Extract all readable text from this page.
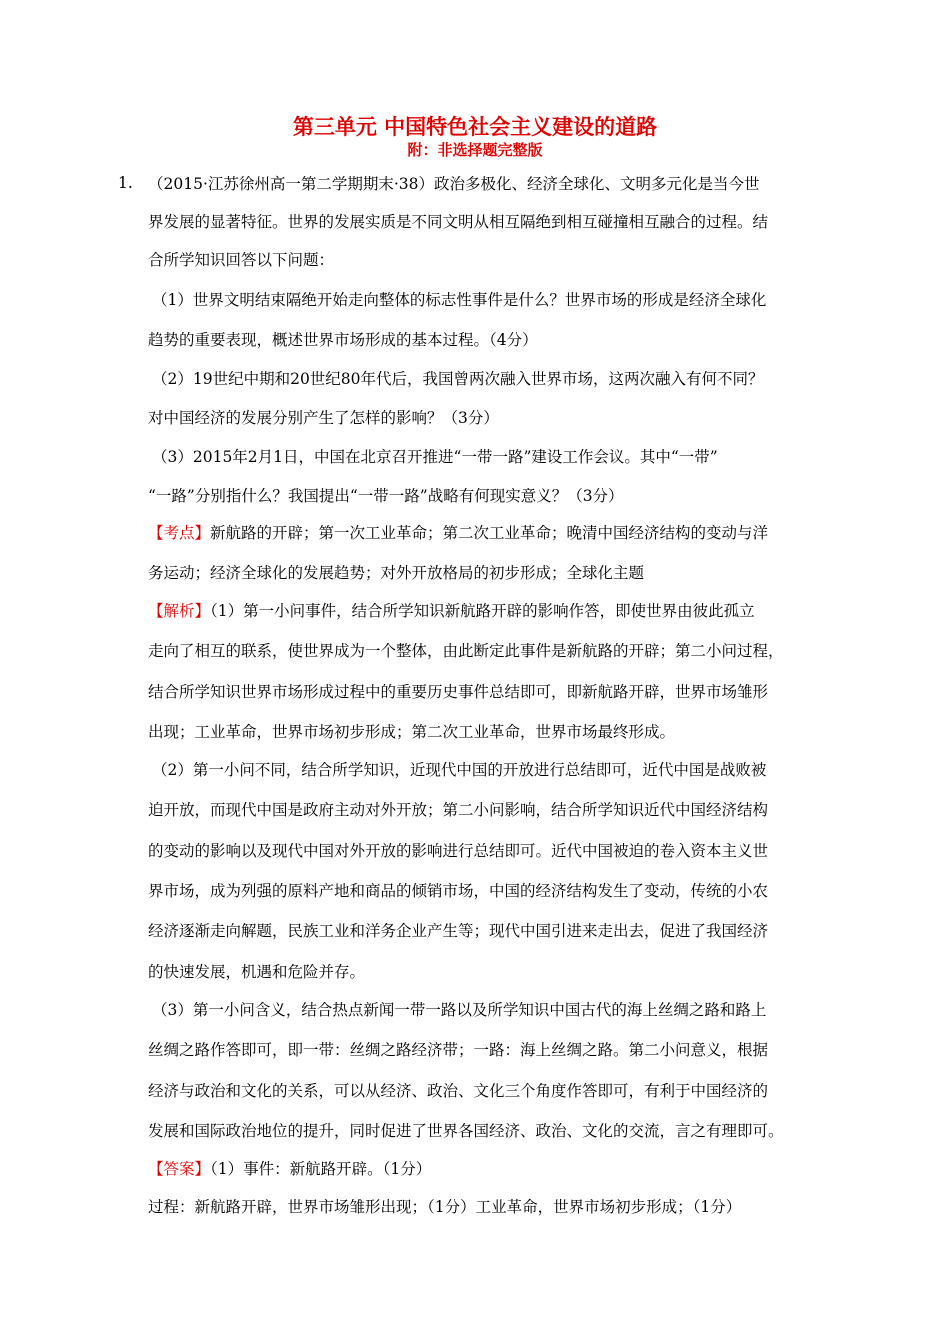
第三单元 中国特色社会主义建设的道路
附：非选择题完整版
1. （2015·江苏徐州高一第二学期期末·38）政治多极化、经济全球化、文明多元化是当今世
界发展的显著特征。世界的发展实质是不同文明从相互隔绝到相互碰撞相互融合的过程。结
合所学知识回答以下问题：
（1）世界文明结束隔绝开始走向整体的标志性事件是什么？世界市场的形成是经济全球化
趋势的重要表现，概述世界市场形成的基本过程。（4分）
（2）19世纪中期和20世纪80年代后，我国曾两次融入世界市场，这两次融入有何不同？
对中国经济的发展分别产生了怎样的影响？（3分）
（3）2015年2月1日，中国在北京召开推进“一带一路”建设工作会议。其中“一带”
“一路”分别指什么？我国提出“一带一路”战略有何现实意义？（3分）
【考点】新航路的开辟；第一次工业革命；第二次工业革命；晚清中国经济结构的变动与洋
务运动；经济全球化的发展趋势；对外开放格局的初步形成；全球化主题
【解析】（1）第一小问事件，结合所学知识新航路开辟的影响作答，即使世界由彼此孤立
走向了相互的联系，使世界成为一个整体，由此断定此事件是新航路的开辟；第二小问过程，
结合所学知识世界市场形成过程中的重要历史事件总结即可，即新航路开辟，世界市场雏形
出现；工业革命，世界市场初步形成；第二次工业革命，世界市场最终形成。
（2）第一小问不同，结合所学知识，近现代中国的开放进行总结即可，近代中国是战败被
迫开放，而现代中国是政府主动对外开放；第二小问影响，结合所学知识近代中国经济结构
的变动的影响以及现代中国对外开放的影响进行总结即可。近代中国被迫的卷入资本主义世
界市场，成为列强的原料产地和商品的倾销市场，中国的经济结构发生了变动，传统的小农
经济逐渐走向解题，民族工业和洋务企业产生等；现代中国引进来走出去，促进了我国经济
的快速发展，机遇和危险并存。
（3）第一小问含义，结合热点新闻一带一路以及所学知识中国古代的海上丝绸之路和路上
丝绸之路作答即可，即一带：丝绸之路经济带；一路：海上丝绸之路。第二小问意义，根据
经济与政治和文化的关系，可以从经济、政治、文化三个角度作答即可，有利于中国经济的
发展和国际政治地位的提升，同时促进了世界各国经济、政治、文化的交流，言之有理即可。
【答案】（1）事件：新航路开辟。（1分）
过程：新航路开辟，世界市场雏形出现；（1分）工业革命，世界市场初步形成；（1分）
